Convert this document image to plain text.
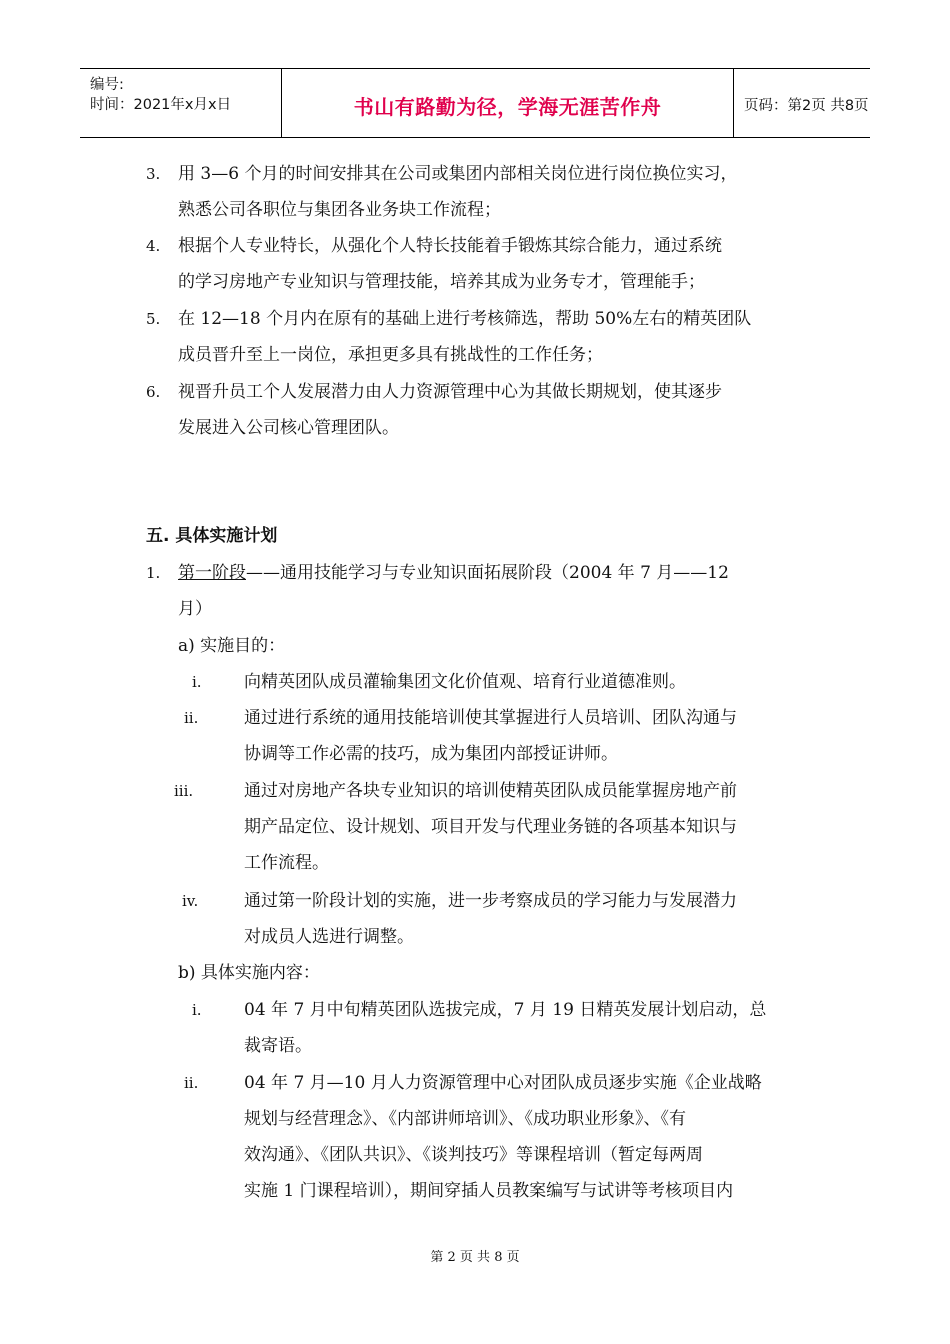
编号:
时间：2021年x月x日	书山有路勤为径，学海无涯苦作舟	页码：第2页 共8页
3. 用 3—6 个月的时间安排其在公司或集团内部相关岗位进行岗位换位实习，
熟悉公司各职位与集团各业务块工作流程；
4. 根据个人专业特长，从强化个人特长技能着手锻炼其综合能力，通过系统
的学习房地产专业知识与管理技能，培养其成为业务专才，管理能手；
5. 在 12—18 个月内在原有的基础上进行考核筛选，帮助 50%左右的精英团队
成员晋升至上一岗位，承担更多具有挑战性的工作任务；
6. 视晋升员工个人发展潜力由人力资源管理中心为其做长期规划，使其逐步
发展进入公司核心管理团队。
五. 具体实施计划
1. 第一阶段——通用技能学习与专业知识面拓展阶段（2004 年 7 月——12
月）
a) 实施目的：
i. 向精英团队成员灌输集团文化价值观、培育行业道德准则。
ii.	通过进行系统的通用技能培训使其掌握进行人员培训、团队沟通与
协调等工作必需的技巧，成为集团内部授证讲师。
iii.	通过对房地产各块专业知识的培训使精英团队成员能掌握房地产前
期产品定位、设计规划、项目开发与代理业务链的各项基本知识与
工作流程。
iv.	通过第一阶段计划的实施，进一步考察成员的学习能力与发展潜力
对成员人选进行调整。
b) 具体实施内容：
i. 04 年 7 月中旬精英团队选拔完成，7 月 19 日精英发展计划启动，总
裁寄语。
ii.	04 年 7 月—10 月人力资源管理中心对团队成员逐步实施《企业战略
规划与经营理念》、《内部讲师培训》、《成功职业形象》、《有
效沟通》、《团队共识》、《谈判技巧》等课程培训（暂定每两周
实施 1 门课程培训），期间穿插人员教案编写与试讲等考核项目内
第 2 页 共 8 页
